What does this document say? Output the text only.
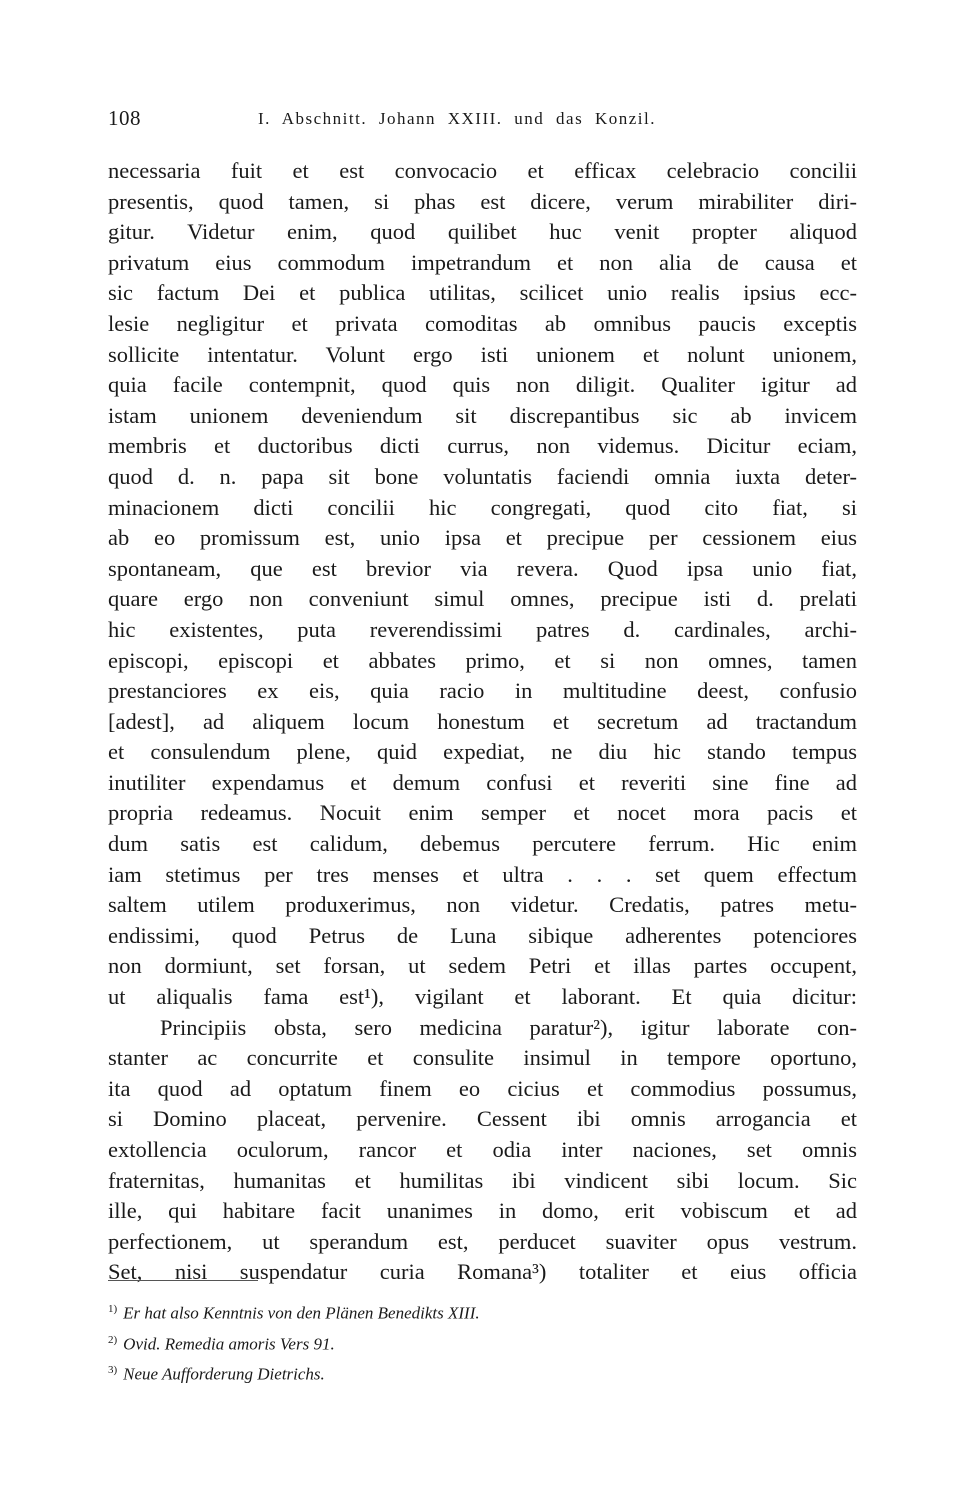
108	I. Abschnitt. Johann XXIII. und das Konzil.
necessaria fuit et est convocacio et efficax celebracio concilii
presentis, quod tamen, si phas est dicere, verum mirabiliter diri-
gitur. Videtur enim, quod quilibet huc venit propter aliquod
privatum eius commodum impetrandum et non alia de causa et
sic factum Dei et publica utilitas, scilicet unio realis ipsius ecc-
lesie negligitur et privata comoditas ab omnibus paucis exceptis
sollicite intentatur. Volunt ergo isti unionem et nolunt unionem,
quia facile contempnit, quod quis non diligit. Qualiter igitur ad
istam unionem deveniendum sit discrepantibus sic ab invicem
membris et ductoribus dicti currus, non videmus. Dicitur eciam,
quod d. n. papa sit bone voluntatis faciendi omnia iuxta deter-
minacionem dicti concilii hic congregati, quod cito fiat, si
ab eo promissum est, unio ipsa et precipue per cessionem eius
spontaneam, que est brevior via revera. Quod ipsa unio fiat,
quare ergo non conveniunt simul omnes, precipue isti d. prelati
hic existentes, puta reverendissimi patres d. cardinales, archi-
episcopi, episcopi et abbates primo, et si non omnes, tamen
prestanciores ex eis, quia racio in multitudine deest, confusio
[adest], ad aliquem locum honestum et secretum ad tractandum
et consulendum plene, quid expediat, ne diu hic stando tempus
inutiliter expendamus et demum confusi et reveriti sine fine ad
propria redeamus. Nocuit enim semper et nocet mora pacis et
dum satis est calidum, debemus percutere ferrum. Hic enim
iam stetimus per tres menses et ultra . . . set quem effectum
saltem utilem produxerimus, non videtur. Credatis, patres metu-
endissimi, quod Petrus de Luna sibique adherentes potenciores
non dormiunt, set forsan, ut sedem Petri et illas partes occupent,
ut aliqualis fama est¹), vigilant et laborant. Et quia dicitur:
Principiis obsta, sero medicina paratur²), igitur laborate con-
stanter ac concurrite et consulite insimul in tempore oportuno,
ita quod ad optatum finem eo cicius et commodius possumus,
si Domino placeat, pervenire. Cessent ibi omnis arrogancia et
extollencia oculorum, rancor et odia inter naciones, set omnis
fraternitas, humanitas et humilitas ibi vindicent sibi locum. Sic
ille, qui habitare facit unanimes in domo, erit vobiscum et ad
perfectionem, ut sperandum est, perducet suaviter opus vestrum.
Set, nisi suspendatur curia Romana³) totaliter et eius officia
$^{1)}$ Er hat also Kenntnis von den Plänen Benedikts XIII.
$^{2)}$ Ovid. Remedia amoris Vers 91.
$^{3)}$ Neue Aufforderung Dietrichs.
